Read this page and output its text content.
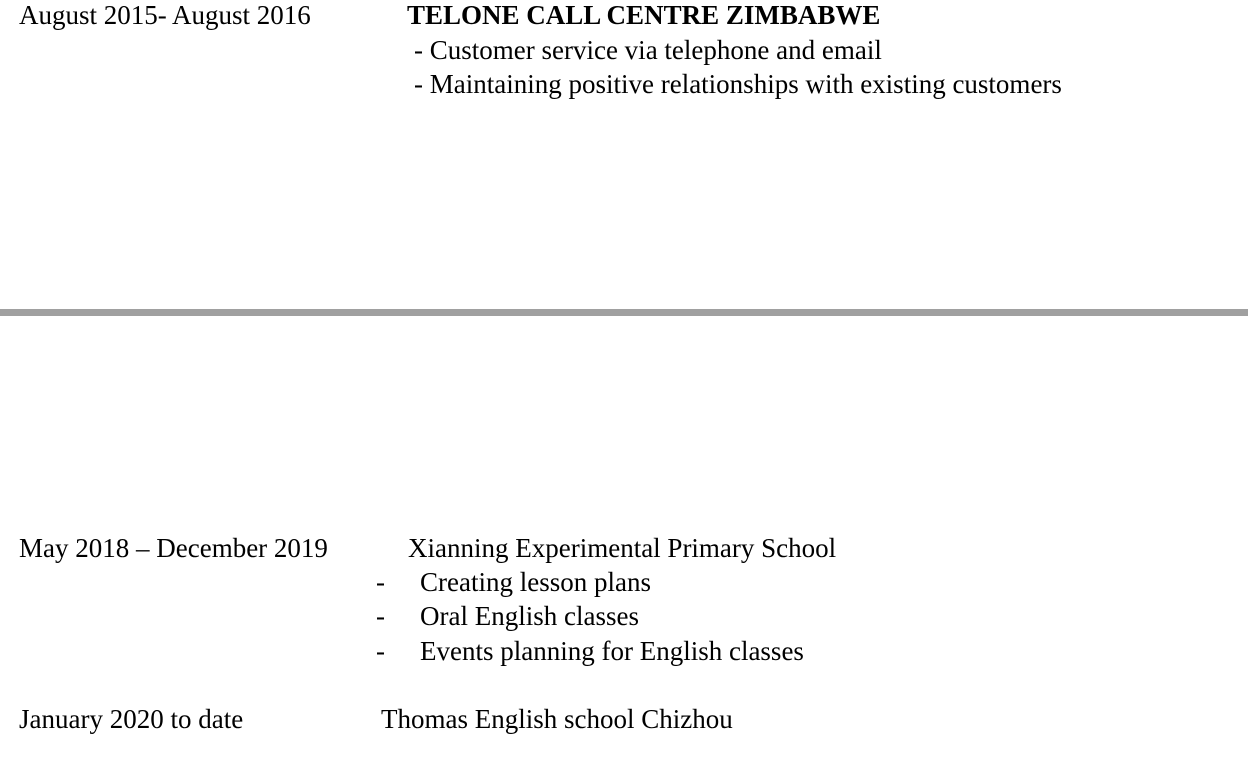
August 2015- August 2016	TELONE CALL CENTRE ZIMBABWE
- Customer service via telephone and email
- Maintaining positive relationships with existing customers
May 2018 – December 2019	Xianning Experimental Primary School
- Creating lesson plans
- Oral English classes
- Events planning for English classes
January 2020 to date	Thomas English school Chizhou
